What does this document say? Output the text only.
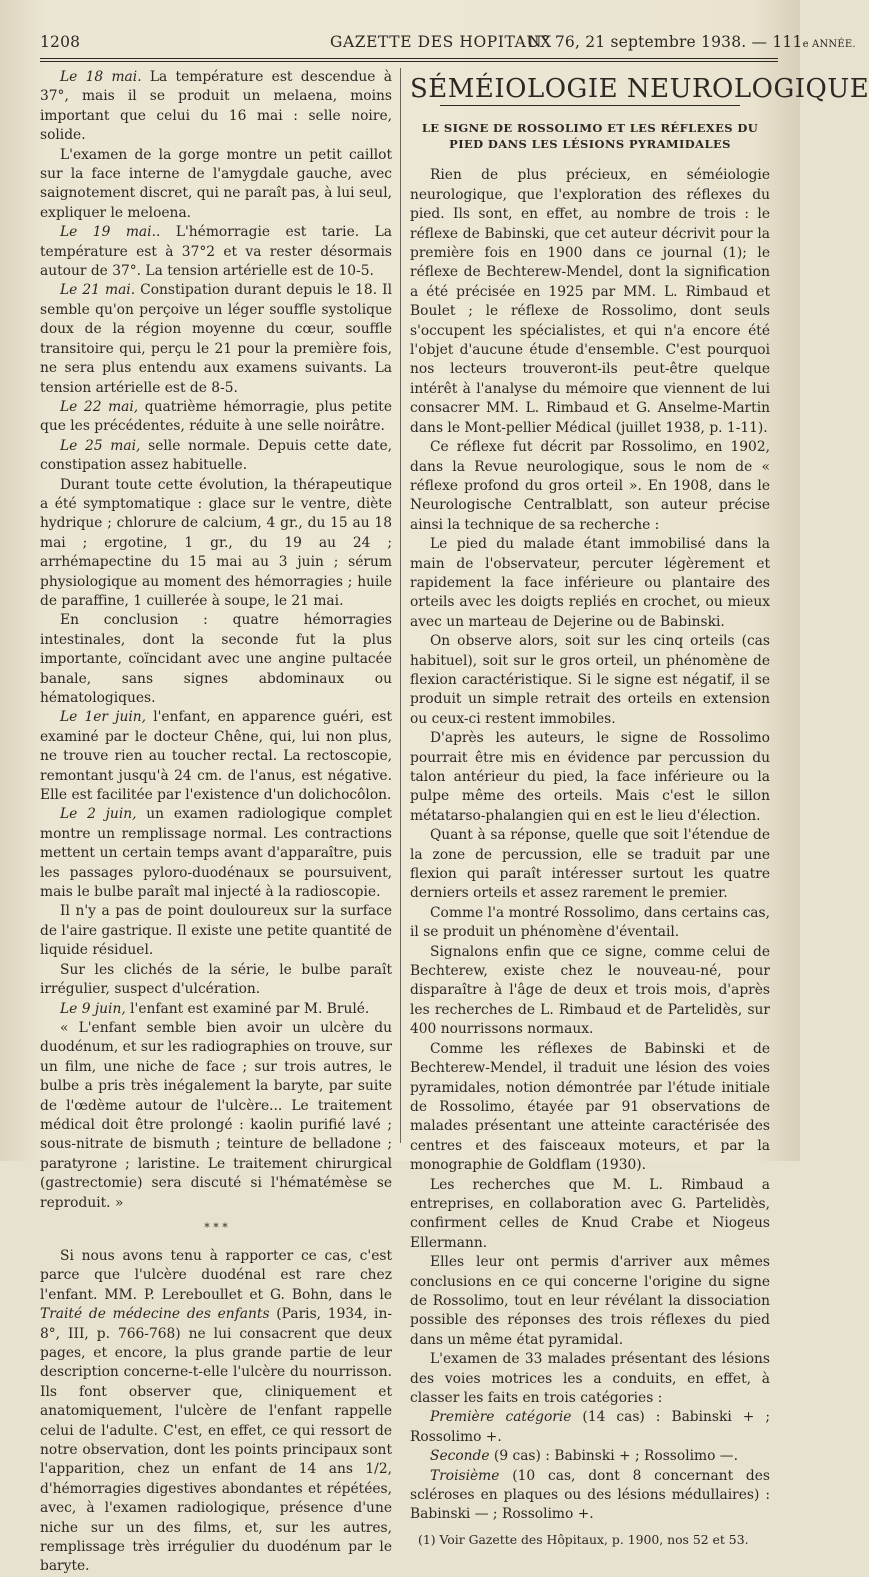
1208	GAZETTE DES HOPITAUX
N° 76, 21 septembre 1938. — 111e ANNÉE.

Le 18 mai. La température est descendue à 37°, mais il se produit un melaena, moins important que celui du 16 mai : selle noire, solide.

L'examen de la gorge montre un petit caillot sur la face interne de l'amygdale gauche, avec saignotement discret, qui ne paraît pas, à lui seul, expliquer le meloena.

Le 19 mai.. L'hémorragie est tarie. La température est à 37°2 et va rester désormais autour de 37°. La tension artérielle est de 10-5.

Le 21 mai. Constipation durant depuis le 18. Il semble qu'on perçoive un léger souffle systolique doux de la région moyenne du cœur, souffle transitoire qui, perçu le 21 pour la première fois, ne sera plus entendu aux examens suivants. La tension artérielle est de 8-5.

Le 22 mai, quatrième hémorragie, plus petite que les précédentes, réduite à une selle noirâtre.

Le 25 mai, selle normale. Depuis cette date, constipation assez habituelle.

Durant toute cette évolution, la thérapeutique a été symptomatique : glace sur le ventre, diète hydrique ; chlorure de calcium, 4 gr., du 15 au 18 mai ; ergotine, 1 gr., du 19 au 24 ; arrhémapectine du 15 mai au 3 juin ; sérum physiologique au moment des hémorragies ; huile de paraffine, 1 cuillerée à soupe, le 21 mai.

En conclusion : quatre hémorragies intestinales, dont la seconde fut la plus importante, coïncidant avec une angine pultacée banale, sans signes abdominaux ou hématologiques.

Le 1er juin, l'enfant, en apparence guéri, est examiné par le docteur Chêne, qui, lui non plus, ne trouve rien au toucher rectal. La rectoscopie, remontant jusqu'à 24 cm. de l'anus, est négative. Elle est facilitée par l'existence d'un dolichocôlon.

Le 2 juin, un examen radiologique complet montre un remplissage normal. Les contractions mettent un certain temps avant d'apparaître, puis les passages pyloro-duodénaux se poursuivent, mais le bulbe paraît mal injecté à la radioscopie.

Il n'y a pas de point douloureux sur la surface de l'aire gastrique. Il existe une petite quantité de liquide résiduel.

Sur les clichés de la série, le bulbe paraît irrégulier, suspect d'ulcération.

Le 9 juin, l'enfant est examiné par M. Brulé.

« L'enfant semble bien avoir un ulcère du duodénum, et sur les radiographies on trouve, sur un film, une niche de face ; sur trois autres, le bulbe a pris très inégalement la baryte, par suite de l'œdème autour de l'ulcère... Le traitement médical doit être prolongé : kaolin purifié lavé ; sous-nitrate de bismuth ; teinture de belladone ; paratyrone ; laristine. Le traitement chirurgical (gastrectomie) sera discuté si l'hématémèse se reproduit. »

* * *

Si nous avons tenu à rapporter ce cas, c'est parce que l'ulcère duodénal est rare chez l'enfant. MM. P. Lereboullet et G. Bohn, dans le Traité de médecine des enfants (Paris, 1934, in-8°, III, p. 766-768) ne lui consacrent que deux pages, et encore, la plus grande partie de leur description concerne-t-elle l'ulcère du nourrisson. Ils font observer que, cliniquement et anatomiquement, l'ulcère de l'enfant rappelle celui de l'adulte. C'est, en effet, ce qui ressort de notre observation, dont les points principaux sont l'apparition, chez un enfant de 14 ans 1/2, d'hémorragies digestives abondantes et répétées, avec, à l'examen radiologique, présence d'une niche sur un des films, et, sur les autres, remplissage très irrégulier du duodénum par le baryte.

SÉMÉIOLOGIE NEUROLOGIQUE
LE SIGNE DE ROSSOLIMO ET LES RÉFLEXES DU PIED DANS LES LÉSIONS PYRAMIDALES

Rien de plus précieux, en séméiologie neurologique, que l'exploration des réflexes du pied. Ils sont, en effet, au nombre de trois : le réflexe de Babinski, que cet auteur décrivit pour la première fois en 1900 dans ce journal (1); le réflexe de Bechterew-Mendel, dont la signification a été précisée en 1925 par MM. L. Rimbaud et Boulet ; le réflexe de Rossolimo, dont seuls s'occupent les spécialistes, et qui n'a encore été l'objet d'aucune étude d'ensemble. C'est pourquoi nos lecteurs trouveront-ils peut-être quelque intérêt à l'analyse du mémoire que viennent de lui consacrer MM. L. Rimbaud et G. Anselme-Martin dans le Mont-pellier Médical (juillet 1938, p. 1-11).

Ce réflexe fut décrit par Rossolimo, en 1902, dans la Revue neurologique, sous le nom de « réflexe profond du gros orteil ». En 1908, dans le Neurologische Centralblatt, son auteur précise ainsi la technique de sa recherche :

Le pied du malade étant immobilisé dans la main de l'observateur, percuter légèrement et rapidement la face inférieure ou plantaire des orteils avec les doigts repliés en crochet, ou mieux avec un marteau de Dejerine ou de Babinski.

On observe alors, soit sur les cinq orteils (cas habituel), soit sur le gros orteil, un phénomène de flexion caractéristique. Si le signe est négatif, il se produit un simple retrait des orteils en extension ou ceux-ci restent immobiles.

D'après les auteurs, le signe de Rossolimo pourrait être mis en évidence par percussion du talon antérieur du pied, la face inférieure ou la pulpe même des orteils. Mais c'est le sillon métatarso-phalangien qui en est le lieu d'élection.

Quant à sa réponse, quelle que soit l'étendue de la zone de percussion, elle se traduit par une flexion qui paraît intéresser surtout les quatre derniers orteils et assez rarement le premier.

Comme l'a montré Rossolimo, dans certains cas, il se produit un phénomène d'éventail.

Signalons enfin que ce signe, comme celui de Bechterew, existe chez le nouveau-né, pour disparaître à l'âge de deux et trois mois, d'après les recherches de L. Rimbaud et de Partelidès, sur 400 nourrissons normaux.

Comme les réflexes de Babinski et de Bechterew-Mendel, il traduit une lésion des voies pyramidales, notion démontrée par l'étude initiale de Rossolimo, étayée par 91 observations de malades présentant une atteinte caractérisée des centres et des faisceaux moteurs, et par la monographie de Goldflam (1930).

Les recherches que M. L. Rimbaud a entreprises, en collaboration avec G. Partelidès, confirment celles de Knud Crabe et Niogeus Ellermann.

Elles leur ont permis d'arriver aux mêmes conclusions en ce qui concerne l'origine du signe de Rossolimo, tout en leur révélant la dissociation possible des réponses des trois réflexes du pied dans un même état pyramidal.

L'examen de 33 malades présentant des lésions des voies motrices les a conduits, en effet, à classer les faits en trois catégories :

Première catégorie (14 cas) : Babinski + ; Rossolimo +.

Seconde (9 cas) : Babinski + ; Rossolimo —.

Troisième (10 cas, dont 8 concernant des scléroses en plaques ou des lésions médullaires) : Babinski — ; Rossolimo +.

(1) Voir Gazette des Hôpitaux, p. 1900, nos 52 et 53.
